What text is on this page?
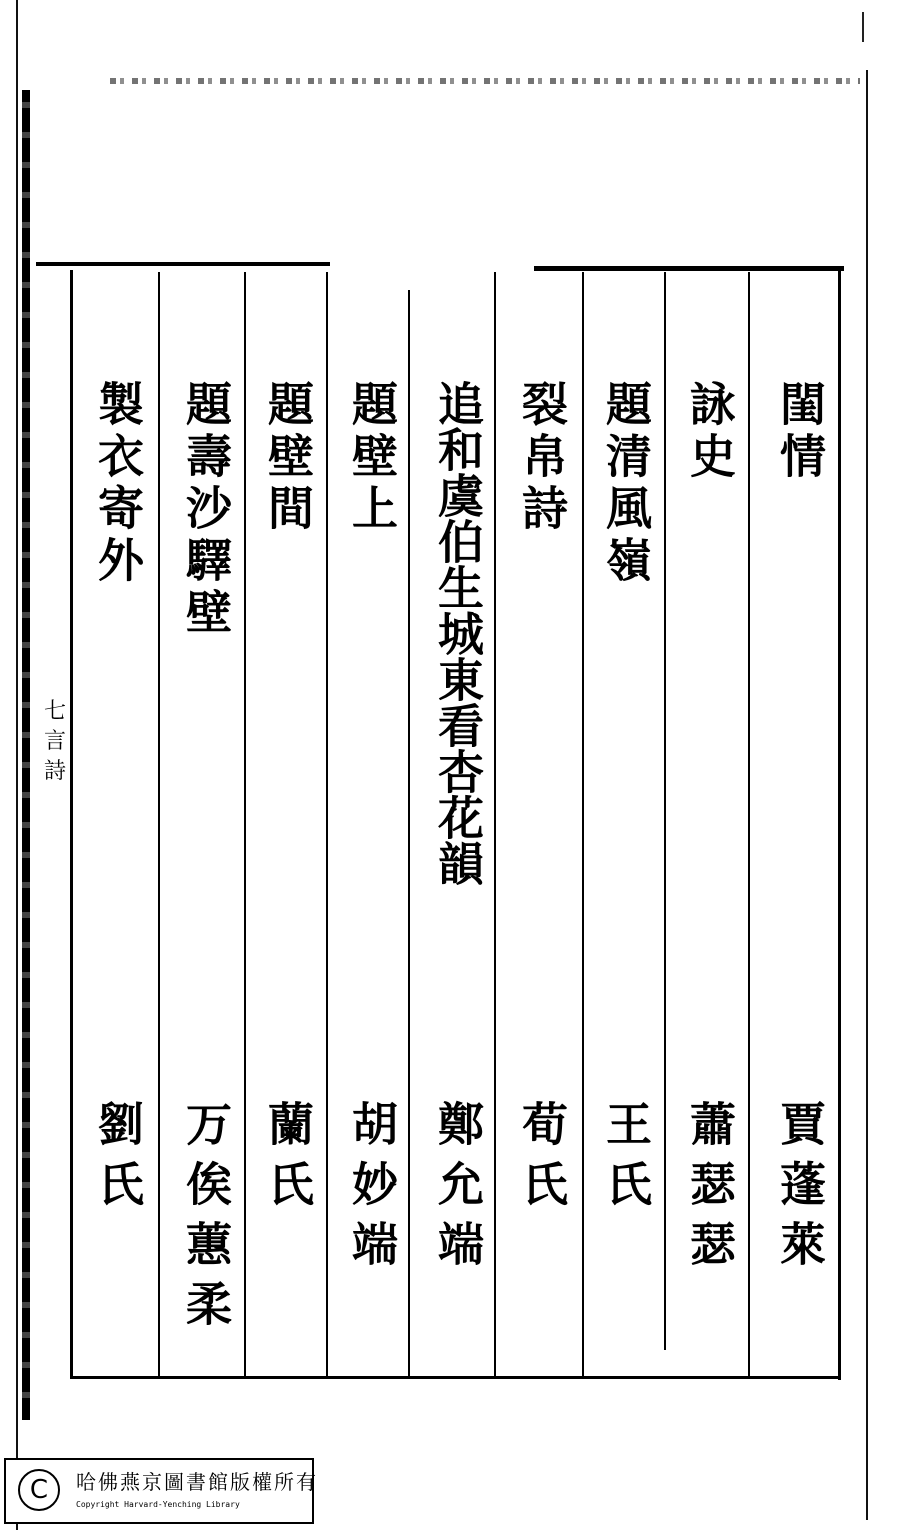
七
言
詩
閨情
賈蓬萊
詠史
蕭瑟瑟
題清風嶺
王氏
裂帛詩
荀氏
追和虞伯生城東看杏花韻
鄭允端
題壁上
胡妙端
題壁間
蘭氏
題壽沙驛壁
万俟蕙柔
製衣寄外
劉氏
C	哈佛燕京圖書館版權所有
Copyright Harvard-Yenching Library
